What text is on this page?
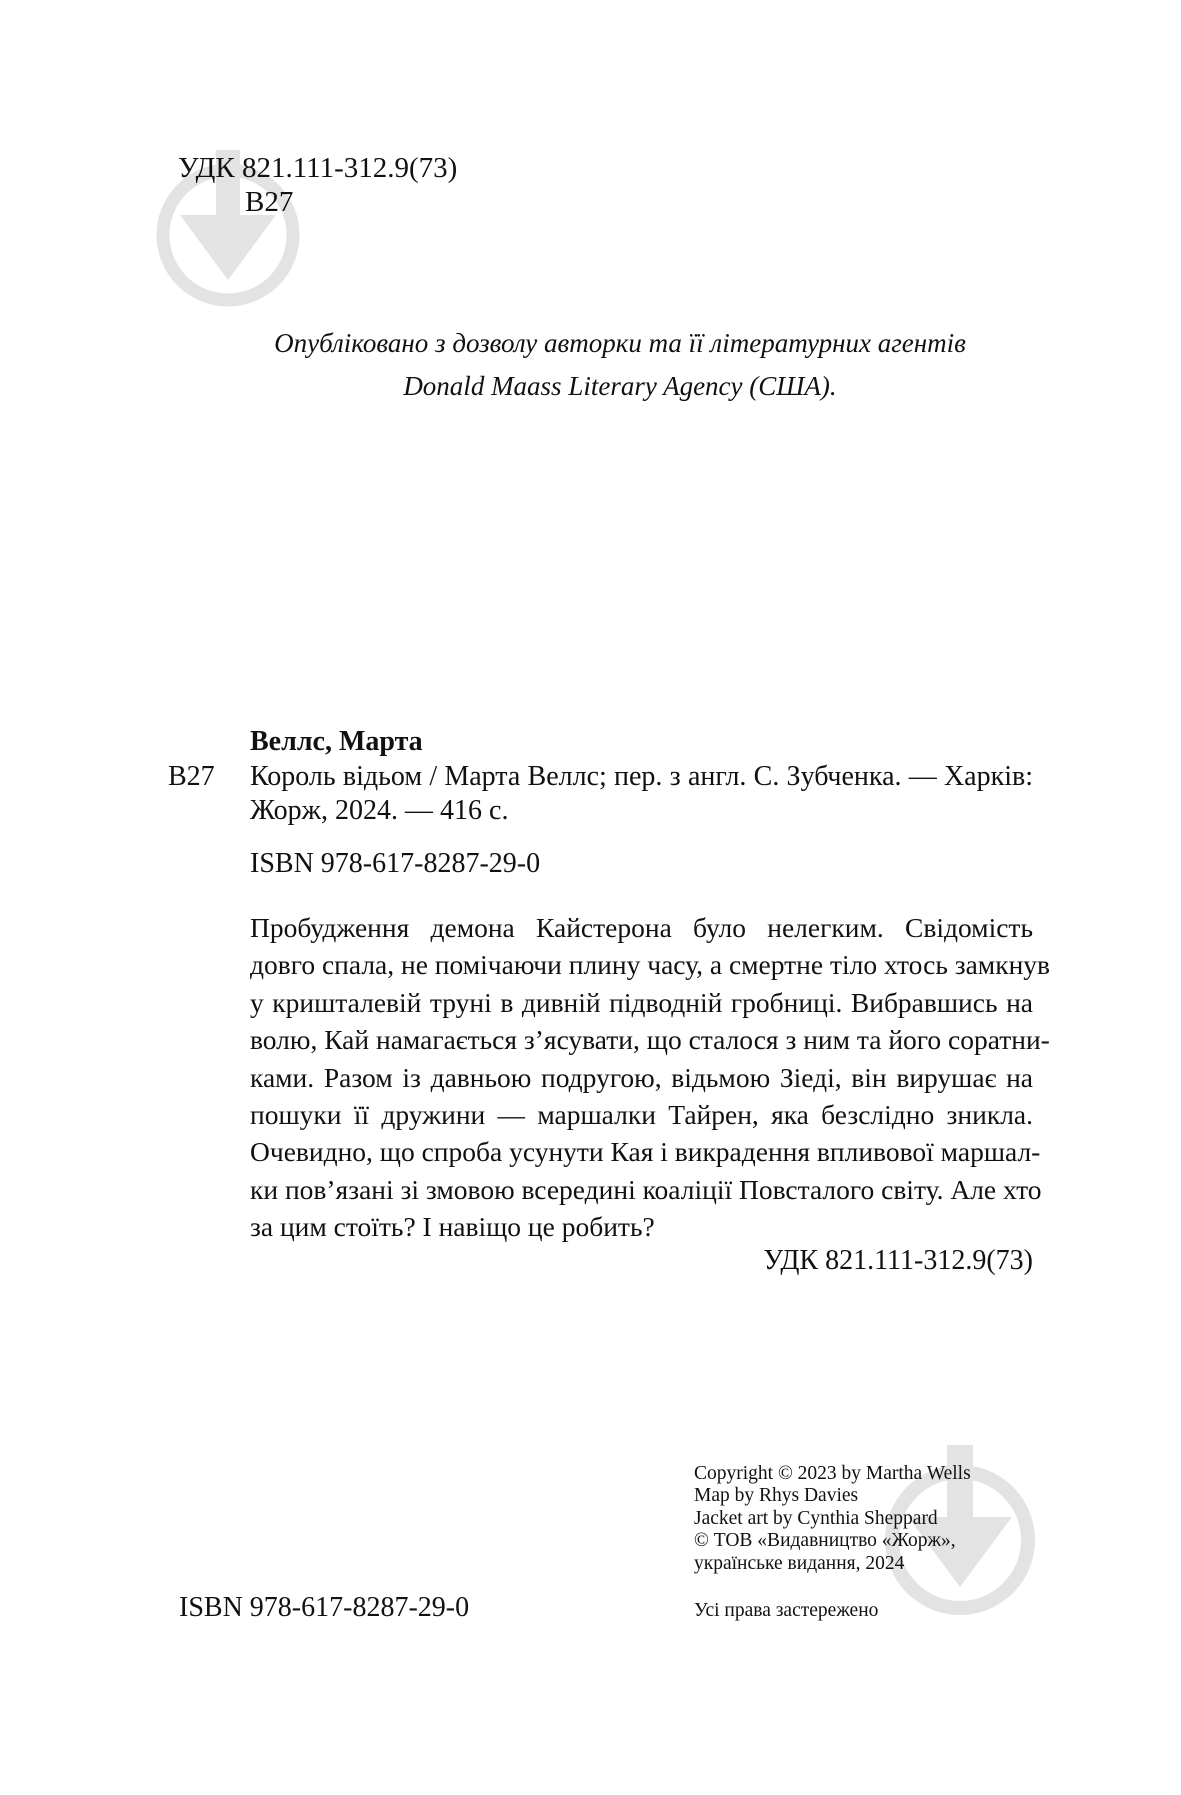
УДК 821.111-312.9(73)
В27
Опубліковано з дозволу авторки та її літературних агентів
Donald Maass Literary Agency (США).
Веллс, Марта
В27 Король відьом / Марта Веллс; пер. з англ. С. Зубченка. — Харків:
Жорж, 2024. — 416 с.
ISBN 978-617-8287-29-0
Пробудження демона Кайстерона було нелегким. Свідомість
довго спала, не помічаючи плину часу, а смертне тіло хтось замкнув
у кришталевій труні в дивній підводній гробниці. Вибравшись на
волю, Кай намагається з’ясувати, що сталося з ним та його соратни-
ками. Разом із давньою подругою, відьмою Зіеді, він вирушає на
пошуки її дружини — маршалки Тайрен, яка безслідно зникла.
Очевидно, що спроба усунути Кая і викрадення впливової маршал-
ки пов’язані зі змовою всередині коаліції Повсталого світу. Але хто
за цим стоїть? І навіщо це робить?
УДК 821.111-312.9(73)
Copyright © 2023 by Martha Wells
Map by Rhys Davies
Jacket art by Cynthia Sheppard
© ТОВ «Видавництво «Жорж»,
українське видання, 2024
ISBN 978-617-8287-29-0	Усі права застережено
